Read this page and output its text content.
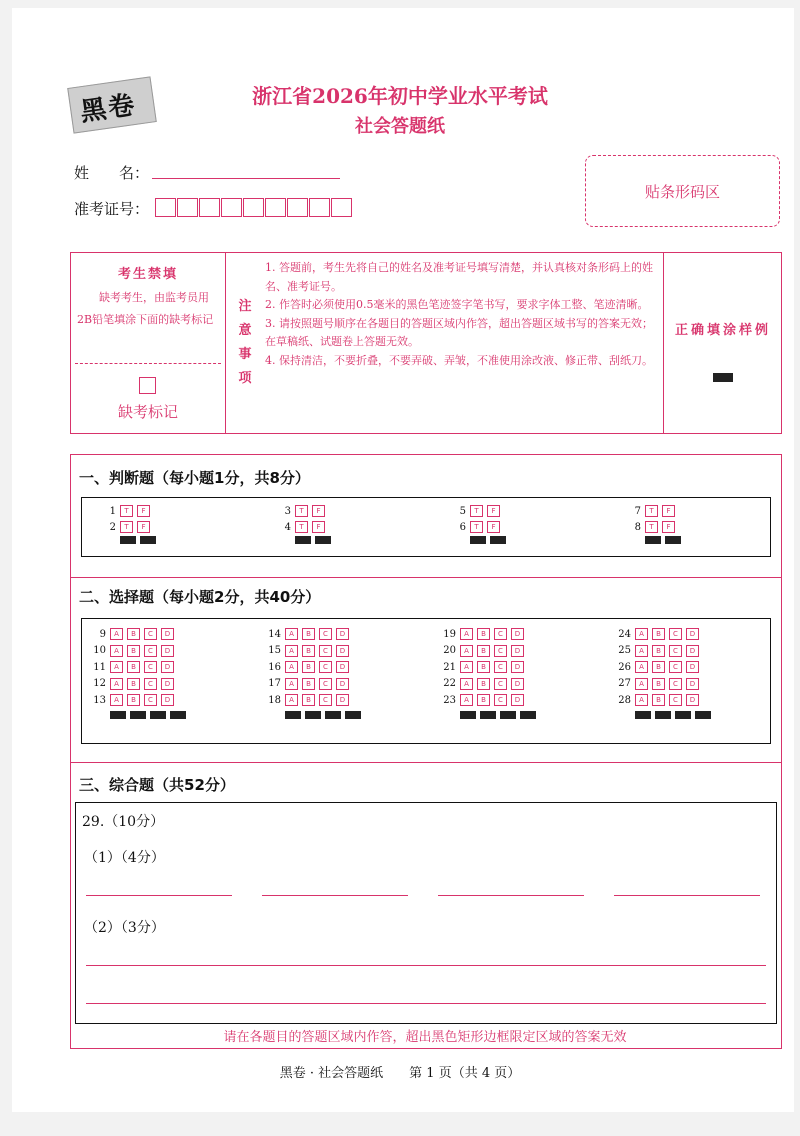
黑卷	浙江省2026年初中学业水平考试
社会答题纸
姓　　名：
准考证号：
贴条形码区
考生禁填
缺考考生，由监考员用2B铅笔填涂下面的缺考标记
缺考标记
注
意
事
项

1. 答题前，考生先将自己的姓名及准考证号填写清楚，并认真核对条形码上的姓名、准考证号。

2. 作答时必须使用0.5毫米的黑色笔迹签字笔书写，要求字体工整、笔迹清晰。

3. 请按照题号顺序在各题目的答题区域内作答，超出答题区域书写的答案无效；在草稿纸、试题卷上答题无效。

4. 保持清洁，不要折叠，不要弄破、弄皱，不准使用涂改液、修正带、刮纸刀。

正确填涂样例
一、判断题（每小题1分，共8分）
1	T	F
2	T	F
3	T	F
4	T	F
5	T	F
6	T	F
7	T	F
8	T	F
二、选择题（每小题2分，共40分）
9	A	B	C	D
10	A	B	C	D
11	A	B	C	D
12	A	B	C	D
13	A	B	C	D
14	A	B	C	D
15	A	B	C	D
16	A	B	C	D
17	A	B	C	D
18	A	B	C	D
19	A	B	C	D
20	A	B	C	D
21	A	B	C	D
22	A	B	C	D
23	A	B	C	D
24	A	B	C	D
25	A	B	C	D
26	A	B	C	D
27	A	B	C	D
28	A	B	C	D
三、综合题（共52分）
29.（10分）
（1）（4分）
（2）（3分）
请在各题目的答题区域内作答，超出黑色矩形边框限定区域的答案无效
黑卷 · 社会答题纸　　第 1 页（共 4 页）
